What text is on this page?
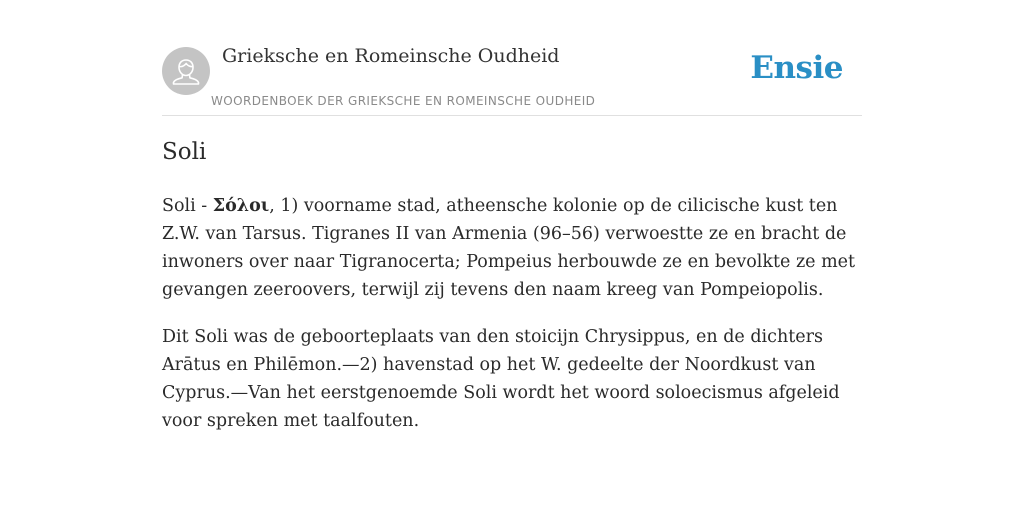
Grieksche en Romeinsche Oudheid
WOORDENBOEK DER GRIEKSCHE EN ROMEINSCHE OUDHEID
Ensie
Soli

Soli - Σόλοι, 1) voorname stad, atheensche kolonie op de cilicische kust ten Z.W. van Tarsus. Tigranes II van Armenia (96–56) verwoestte ze en bracht de inwoners over naar Tigranocerta; Pompeius herbouwde ze en bevolkte ze met gevangen zeeroovers, terwijl zij tevens den naam kreeg van Pompeiopolis.

Dit Soli was de geboorteplaats van den stoicijn Chrysippus, en de dichters Arātus en Philēmon.—2) havenstad op het W. gedeelte der Noordkust van Cyprus.—Van het eerstgenoemde Soli wordt het woord soloecismus afgeleid voor spreken met taalfouten.
